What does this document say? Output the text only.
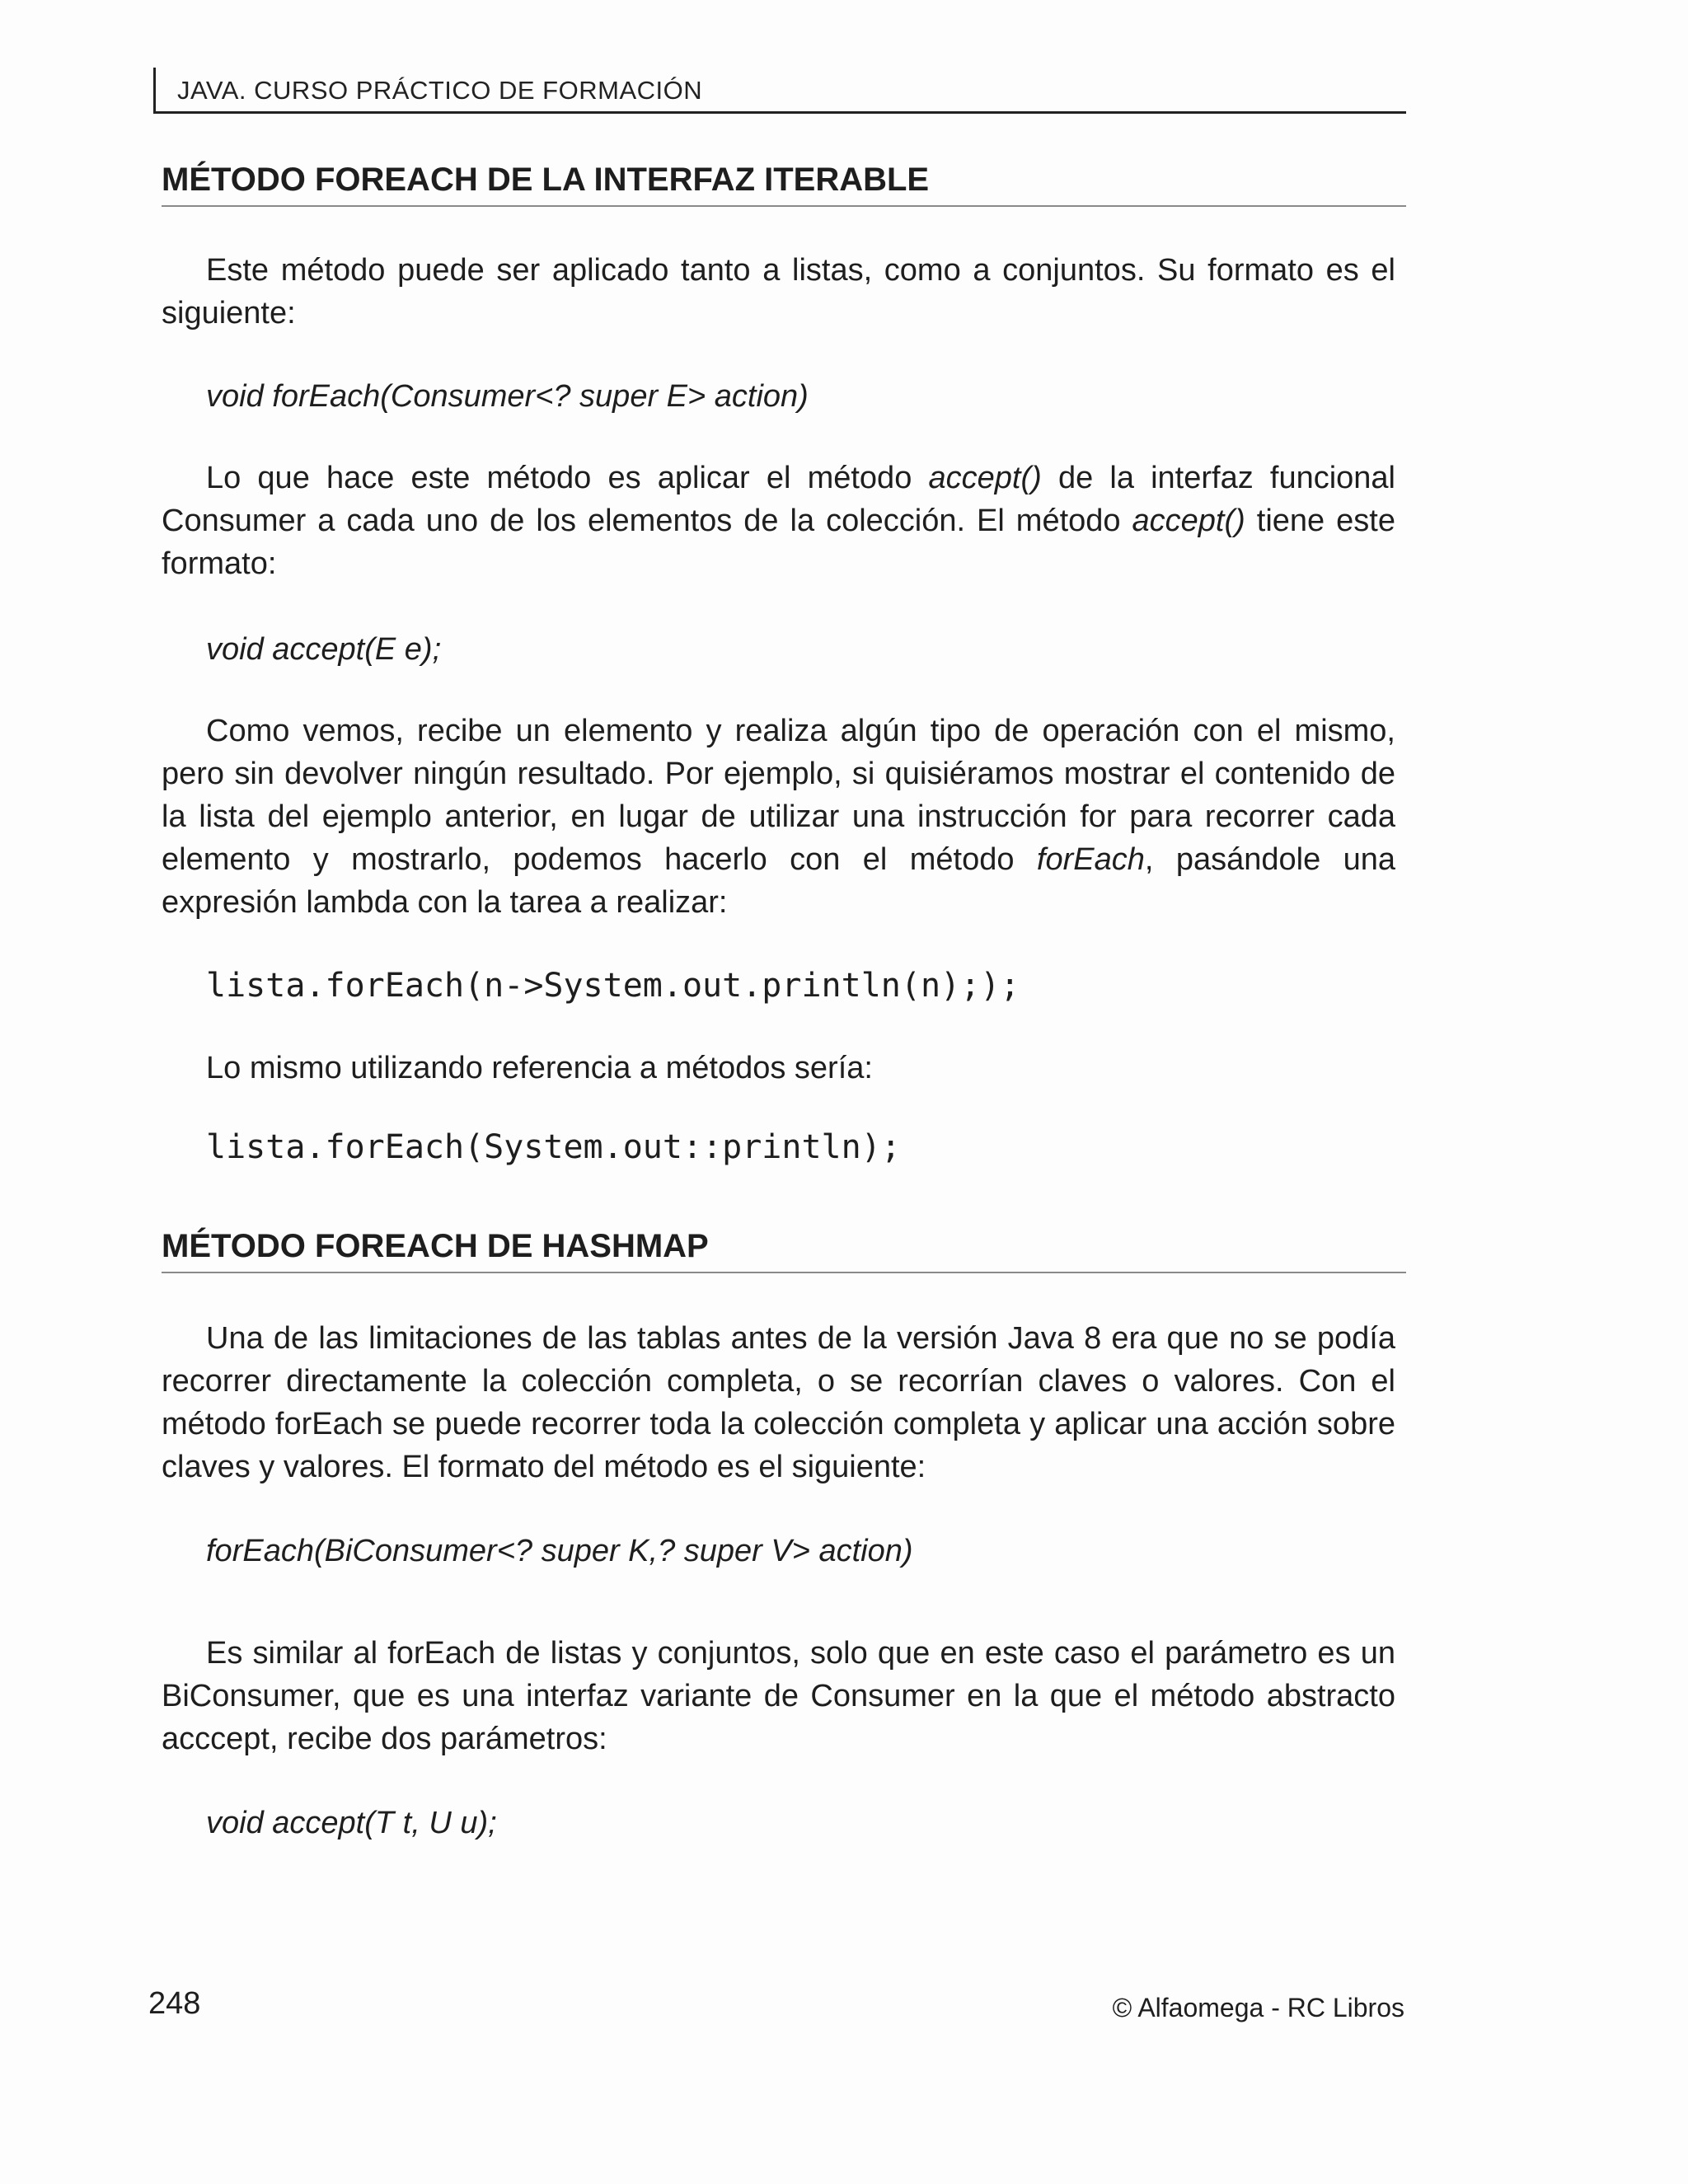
JAVA. CURSO PRÁCTICO DE FORMACIÓN
MÉTODO FOREACH DE LA INTERFAZ ITERABLE

Este método puede ser aplicado tanto a listas, como a conjuntos. Su formato es el siguiente:

void forEach(Consumer<? super E> action)

Lo que hace este método es aplicar el método accept() de la interfaz funcional Consumer a cada uno de los elementos de la colección. El método accept() tiene este formato:

void accept(E e);

Como vemos, recibe un elemento y realiza algún tipo de operación con el mismo, pero sin devolver ningún resultado. Por ejemplo, si quisiéramos mostrar el contenido de la lista del ejemplo anterior, en lugar de utilizar una instrucción for para recorrer cada elemento y mostrarlo, podemos hacerlo con el método forEach, pasándole una expresión lambda con la tarea a realizar:

lista.forEach(n->System.out.println(n););

Lo mismo utilizando referencia a métodos sería:

lista.forEach(System.out::println);

MÉTODO FOREACH DE HASHMAP

Una de las limitaciones de las tablas antes de la versión Java 8 era que no se podía recorrer directamente la colección completa, o se recorrían claves o valores. Con el método forEach se puede recorrer toda la colección completa y aplicar una acción sobre claves y valores. El formato del método es el siguiente:

forEach(BiConsumer<? super K,? super V> action)

Es similar al forEach de listas y conjuntos, solo que en este caso el parámetro es un BiConsumer, que es una interfaz variante de Consumer en la que el método abstracto acccept, recibe dos parámetros:

void accept(T t, U u);

248	© Alfaomega - RC Libros
